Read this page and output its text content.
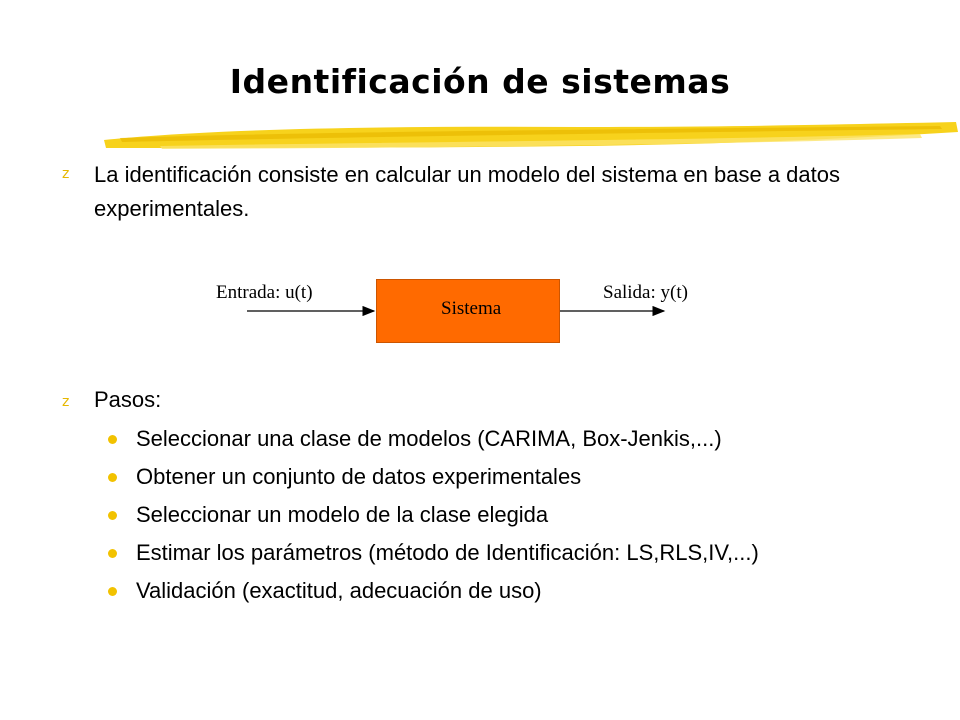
Identificación de sistemas
z La identificación consiste en calcular un modelo del sistema en base a datos experimentales.
Entrada: u(t)
Sistema
Salida: y(t)
z Pasos:
Seleccionar una clase de modelos (CARIMA, Box-Jenkis,...)
Obtener un conjunto de datos experimentales
Seleccionar un modelo de la clase elegida
Estimar los parámetros (método de Identificación: LS,RLS,IV,...)
Validación (exactitud, adecuación de uso)
